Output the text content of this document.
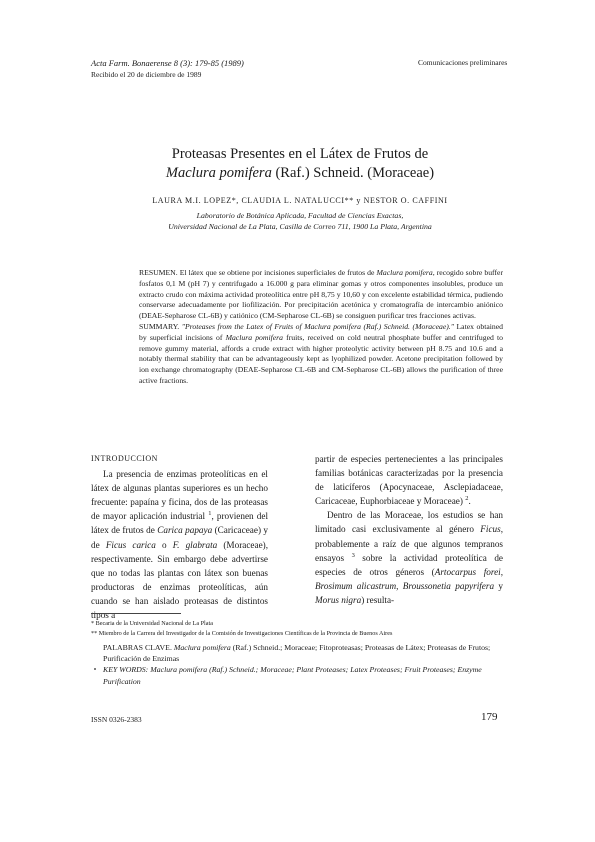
Acta Farm. Bonaerense 8 (3): 179-85 (1989)
Recibido el 20 de diciembre de 1989
Comunicaciones preliminares
Proteasas Presentes en el Látex de Frutos de
Maclura pomifera (Raf.) Schneid. (Moraceae)
LAURA M.I. LOPEZ*, CLAUDIA L. NATALUCCI** y NESTOR O. CAFFINI
Laboratorio de Botánica Aplicada, Facultad de Ciencias Exactas,
Universidad Nacional de La Plata, Casilla de Correo 711, 1900 La Plata, Argentina

RESUMEN. El látex que se obtiene por incisiones superficiales de frutos de Maclura pomifera, recogido sobre buffer fosfatos 0,1 M (pH 7) y centrifugado a 16.000 g para eliminar gomas y otros componentes insolubles, produce un extracto crudo con máxima actividad proteolítica entre pH 8,75 y 10,60 y con excelente estabilidad térmica, pudiendo conservarse adecuadamente por liofilización. Por precipitación acetónica y cromatografía de intercambio aniónico (DEAE-Sepharose CL-6B) y catiónico (CM-Sepharose CL-6B) se consiguen purificar tres fracciones activas.

SUMMARY. "Proteases from the Latex of Fruits of Maclura pomifera (Raf.) Schneid. (Moraceae)." Latex obtained by superficial incisions of Maclura pomifera fruits, received on cold neutral phosphate buffer and centrifuged to remove gummy material, affords a crude extract with higher proteolytic activity between pH 8.75 and 10.6 and a notably thermal stability that can be advantageously kept as lyophilized powder. Acetone precipitation followed by ion exchange chromatography (DEAE-Sepharose CL-6B and CM-Sepharose CL-6B) allows the purification of three active fractions.

INTRODUCCION

La presencia de enzimas proteolíticas en el látex de algunas plantas superiores es un hecho frecuente: papaína y ficina, dos de las proteasas de mayor aplicación industrial $^1$, provienen del látex de frutos de Carica papaya (Caricaceae) y de Ficus carica o F. glabrata (Moraceae), respectivamente. Sin embargo debe advertirse que no todas las plantas con látex son buenas productoras de enzimas proteolíticas, aún cuando se han aislado proteasas de distintos tipos a

partir de especies pertenecientes a las principales familias botánicas caracterizadas por la presencia de laticíferos (Apocynaceae, Asclepiadaceae, Caricaceae, Euphorbiaceae y Moraceae) $^2$.

Dentro de las Moraceae, los estudios se han limitado casi exclusivamente al género Ficus, probablemente a raíz de que algunos tempranos ensayos $^3$ sobre la actividad proteolítica de especies de otros géneros (Artocarpus forei, Brosimum alicastrum, Broussonetia papyrifera y Morus nigra) resulta-

* Becaria de la Universidad Nacional de La Plata
** Miembro de la Carrera del Investigador de la Comisión de Investigaciones Científicas de la Provincia de Buenos Aires

PALABRAS CLAVE. Maclura pomifera (Raf.) Schneid.; Moraceae; Fitoproteasas; Proteasas de Látex; Proteasas de Frutos; Purificación de Enzimas

KEY WORDS: Maclura pomifera (Raf.) Schneid.; Moraceae; Plant Proteases; Latex Proteases; Fruit Proteases; Enzyme Purification

ISSN 0326-2383	179
